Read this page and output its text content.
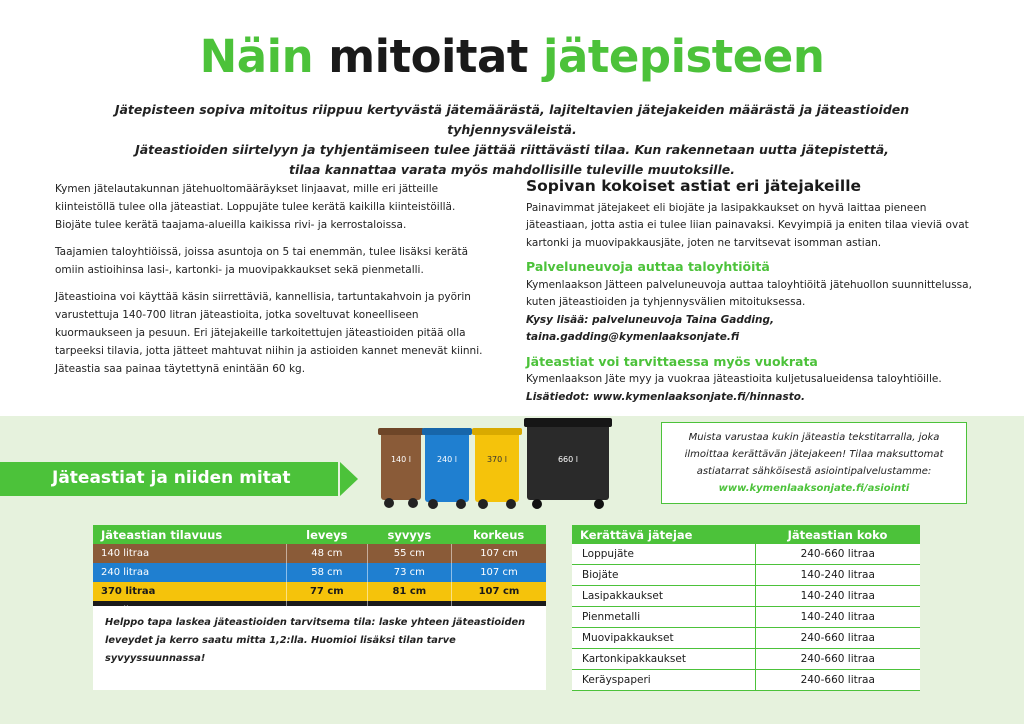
Näin mitoitat jätepisteen

Jätepisteen sopiva mitoitus riippuu kertyvästä jätemäärästä, lajiteltavien jätejakeiden määrästä ja jäteastioiden tyhjennysväleistä.

Jäteastioiden siirtelyyn ja tyhjentämiseen tulee jättää riittävästi tilaa. Kun rakennetaan uutta jätepistettä,

tilaa kannattaa varata myös mahdollisille tuleville muutoksille.

Kymen jätelautakunnan jätehuoltomääräykset linjaavat, mille eri jätteille kiinteistöllä tulee olla jäteastiat. Loppujäte tulee kerätä kaikilla kiinteistöillä. Biojäte tulee kerätä taajama-alueilla kaikissa rivi- ja kerrostaloissa.

Taajamien taloyhtiöissä, joissa asuntoja on 5 tai enemmän, tulee lisäksi kerätä omiin astioihinsa lasi-, kartonki- ja muovipakkaukset sekä pienmetalli.

Jäteastioina voi käyttää käsin siirrettäviä, kannellisia, tartuntakahvoin ja pyörin varustettuja 140-700 litran jäteastioita, jotka soveltuvat koneelliseen kuormaukseen ja pesuun. Eri jätejakeille tarkoitettujen jäteastioiden pitää olla tarpeeksi tilavia, jotta jätteet mahtuvat niihin ja astioiden kannet menevät kiinni. Jäteastia saa painaa täytettynä enintään 60 kg.

Sopivan kokoiset astiat eri jätejakeille

Painavimmat jätejakeet eli biojäte ja lasipakkaukset on hyvä laittaa pieneen jäteastiaan, jotta astia ei tulee liian painavaksi. Kevyimpiä ja eniten tilaa vieviä ovat kartonki ja muovipakkausjäte, joten ne tarvitsevat isomman astian.

Palveluneuvoja auttaa taloyhtiöitä

Kymenlaakson Jätteen palveluneuvoja auttaa taloyhtiöitä jätehuollon suunnittelussa, kuten jäteastioiden ja tyhjennysvälien mitoituksessa.

Kysy lisää: palveluneuvoja Taina Gadding, taina.gadding@kymenlaaksonjate.fi

Jäteastiat voi tarvittaessa myös vuokrata

Kymenlaakson Jäte myy ja vuokraa jäteastioita kuljetusalueidensa taloyhtiöille.

Lisätiedot: www.kymenlaaksonjate.fi/hinnasto.

Jäteastiat ja niiden mitat
140 l	240 l	370 l	660 l

Muista varustaa kukin jäteastia tekstitarralla, joka

ilmoittaa kerättävän jätejakeen! Tilaa maksuttomat

astiatarrat sähköisestä asiointipalvelustamme:

www.kymenlaaksonjate.fi/asiointi

Jäteastian tilavuus	leveys	syvyys	korkeus
140 litraa	48 cm	55 cm	107 cm
240 litraa	58 cm	73 cm	107 cm
370 litraa	77 cm	81 cm	107 cm

Helppo tapa laskea jäteastioiden tarvitsema tila: laske yhteen jäteastioiden leveydet ja kerro saatu mitta 1,2:lla. Huomioi lisäksi tilan tarve syvyyssuunnassa!

Kerättävä jätejae	Jäteastian koko
Loppujäte	240-660 litraa
Biojäte	140-240 litraa
Lasipakkaukset	140-240 litraa
Pienmetalli	140-240 litraa
Muovipakkaukset	240-660 litraa
Kartonkipakkaukset	240-660 litraa
Keräyspaperi	240-660 litraa
